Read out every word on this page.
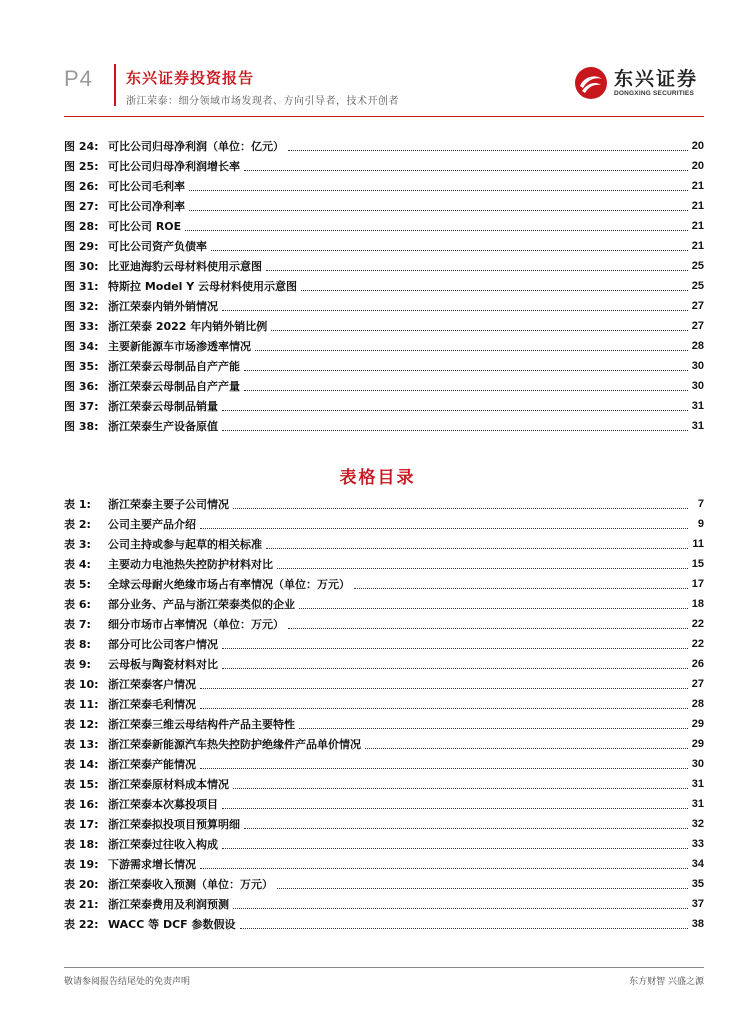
P4 东兴证券投资报告
浙江荣泰：细分领域市场发现者、方向引导者，技术开创者
东兴证券
DONGXING SECURITIES
图 24: 可比公司归母净利润（单位：亿元）	20
图 25: 可比公司归母净利润增长率	20
图 26: 可比公司毛利率	21
图 27: 可比公司净利率	21
图 28: 可比公司 ROE	21
图 29: 可比公司资产负债率	21
图 30: 比亚迪海豹云母材料使用示意图	25
图 31: 特斯拉 Model Y 云母材料使用示意图	25
图 32: 浙江荣泰内销外销情况	27
图 33: 浙江荣泰 2022 年内销外销比例	27
图 34: 主要新能源车市场渗透率情况	28
图 35: 浙江荣泰云母制品自产产能	30
图 36: 浙江荣泰云母制品自产产量	30
图 37: 浙江荣泰云母制品销量	31
图 38: 浙江荣泰生产设备原值	31
表格目录
表 1:	浙江荣泰主要子公司情况	7
表 2:	公司主要产品介绍	9
表 3:	公司主持或参与起草的相关标准	11
表 4:	主要动力电池热失控防护材料对比	15
表 5:	全球云母耐火绝缘市场占有率情况（单位：万元）	17
表 6:	部分业务、产品与浙江荣泰类似的企业	18
表 7:	细分市场市占率情况（单位：万元）	22
表 8:	部分可比公司客户情况	22
表 9:	云母板与陶瓷材料对比	26
表 10: 浙江荣泰客户情况	27
表 11: 浙江荣泰毛利情况	28
表 12: 浙江荣泰三维云母结构件产品主要特性	29
表 13: 浙江荣泰新能源汽车热失控防护绝缘件产品单价情况	29
表 14: 浙江荣泰产能情况	30
表 15: 浙江荣泰原材料成本情况	31
表 16: 浙江荣泰本次募投项目	31
表 17: 浙江荣泰拟投项目预算明细	32
表 18: 浙江荣泰过往收入构成	33
表 19: 下游需求增长情况	34
表 20: 浙江荣泰收入预测（单位：万元）	35
表 21: 浙江荣泰费用及利润预测	37
表 22: WACC 等 DCF 参数假设	38
敬请参阅报告结尾处的免责声明	东方财智 兴盛之源
